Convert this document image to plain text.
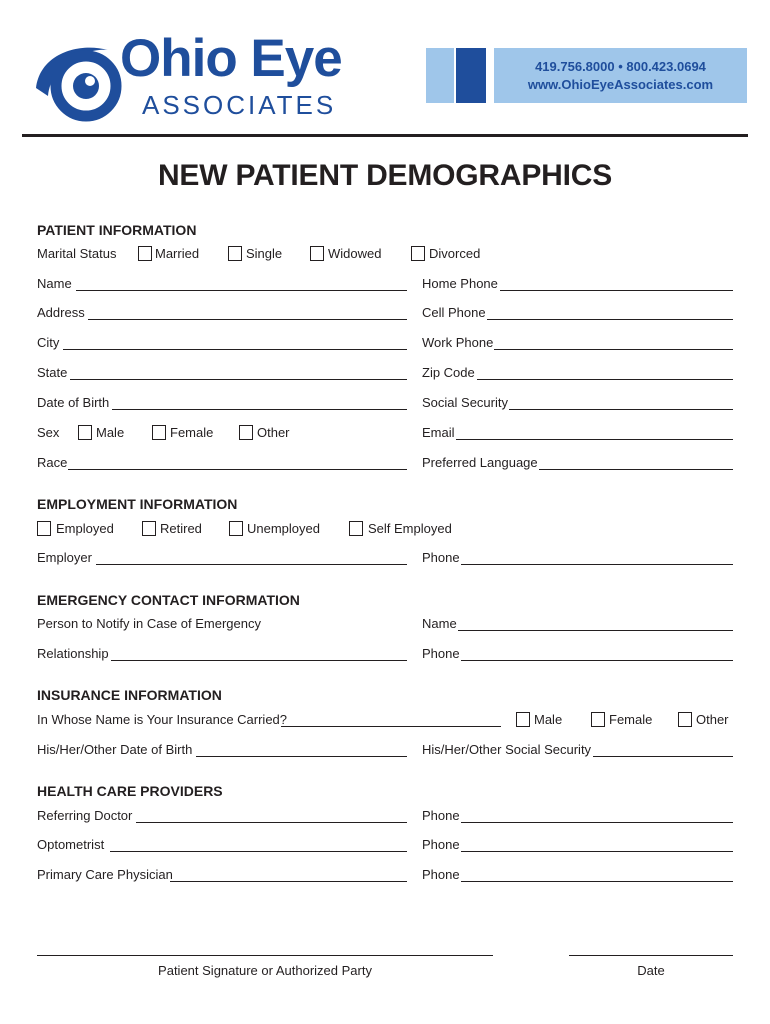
Ohio Eye
ASSOCIATES
419.756.8000 • 800.423.0694
www.OhioEyeAssociates.com
NEW PATIENT DEMOGRAPHICS
PATIENT INFORMATION
Marital Status	Married	Single	Widowed	Divorced
Name	Home Phone
Address	Cell Phone
City	Work Phone
State	Zip Code
Date of Birth	Social Security
Sex	Male	Female	Other	Email
Race	Preferred Language
EMPLOYMENT INFORMATION
Employed	Retired	Unemployed	Self Employed
Employer	Phone
EMERGENCY CONTACT INFORMATION
Person to Notify in Case of Emergency	Name
Relationship	Phone
INSURANCE INFORMATION
In Whose Name is Your Insurance Carried?	Male	Female	Other
His/Her/Other Date of Birth	His/Her/Other Social Security
HEALTH CARE PROVIDERS
Referring Doctor	Phone
Optometrist	Phone
Primary Care Physician	Phone
Patient Signature or Authorized Party	Date
